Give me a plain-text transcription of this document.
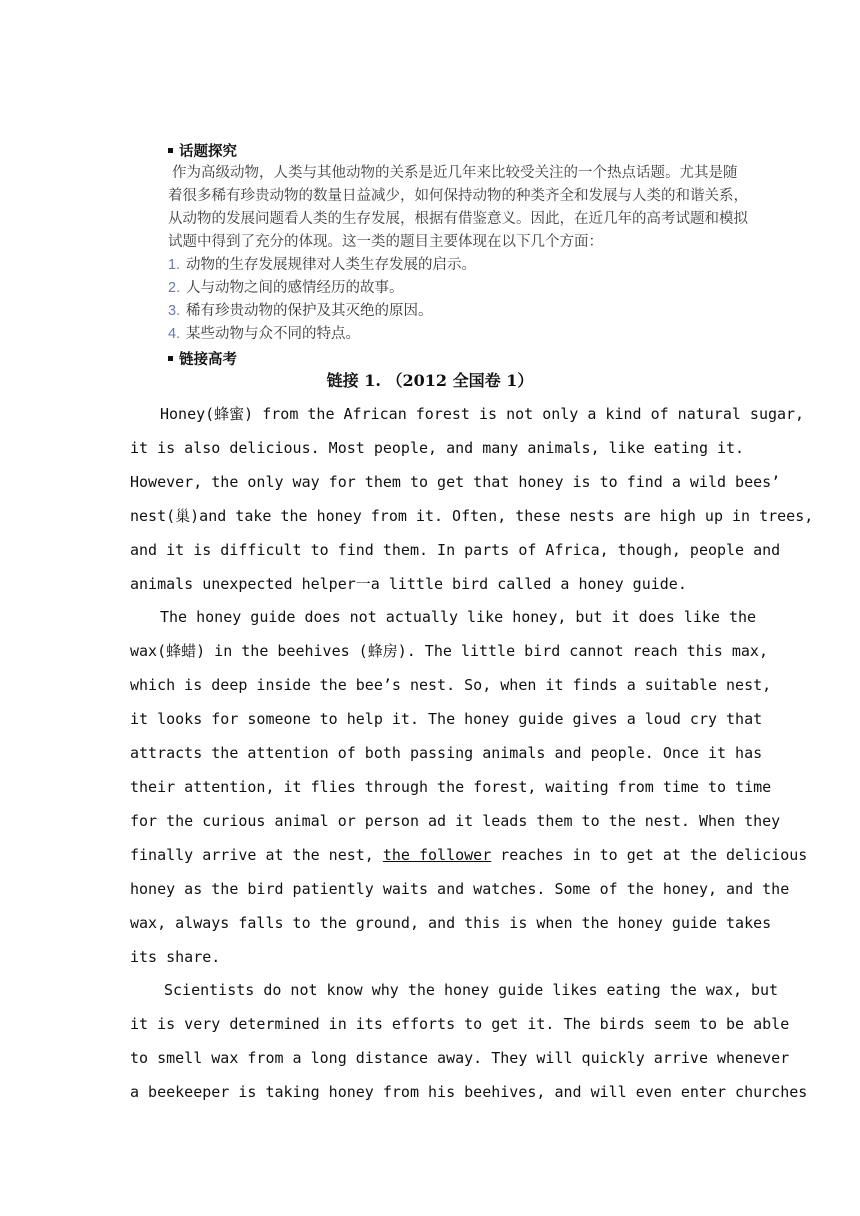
话题探究
作为高级动物，人类与其他动物的关系是近几年来比较受关注的一个热点话题。尤其是随
着很多稀有珍贵动物的数量日益减少，如何保持动物的种类齐全和发展与人类的和谐关系，
从动物的发展问题看人类的生存发展，根据有借鉴意义。因此，在近几年的高考试题和模拟
试题中得到了充分的体现。这一类的题目主要体现在以下几个方面：
1. 动物的生存发展规律对人类生存发展的启示。
2. 人与动物之间的感情经历的故事。
3. 稀有珍贵动物的保护及其灭绝的原因。
4. 某些动物与众不同的特点。
链接高考
链接 1. （2012 全国卷 1）

Honey(蜂蜜) from the African forest is not only a kind of natural sugar,
it is also delicious. Most people, and many animals, like eating it.
However, the only way for them to get that honey is to find a wild bees’
nest(巢)and take the honey from it. Often, these nests are high up in trees,
and it is difficult to find them. In parts of Africa, though, people and
animals unexpected helper一a little bird called a honey guide.

The honey guide does not actually like honey, but it does like the
wax(蜂蜡) in the beehives (蜂房). The little bird cannot reach this max,
which is deep inside the bee’s nest. So, when it finds a suitable nest,
it looks for someone to help it. The honey guide gives a loud cry that
attracts the attention of both passing animals and people. Once it has
their attention, it flies through the forest, waiting from time to time
for the curious animal or person ad it leads them to the nest. When they
finally arrive at the nest, the follower reaches in to get at the delicious
honey as the bird patiently waits and watches. Some of the honey, and the
wax, always falls to the ground, and this is when the honey guide takes
its share.

Scientists do not know why the honey guide likes eating the wax, but
it is very determined in its efforts to get it. The birds seem to be able
to smell wax from a long distance away. They will quickly arrive whenever
a beekeeper is taking honey from his beehives, and will even enter churches
